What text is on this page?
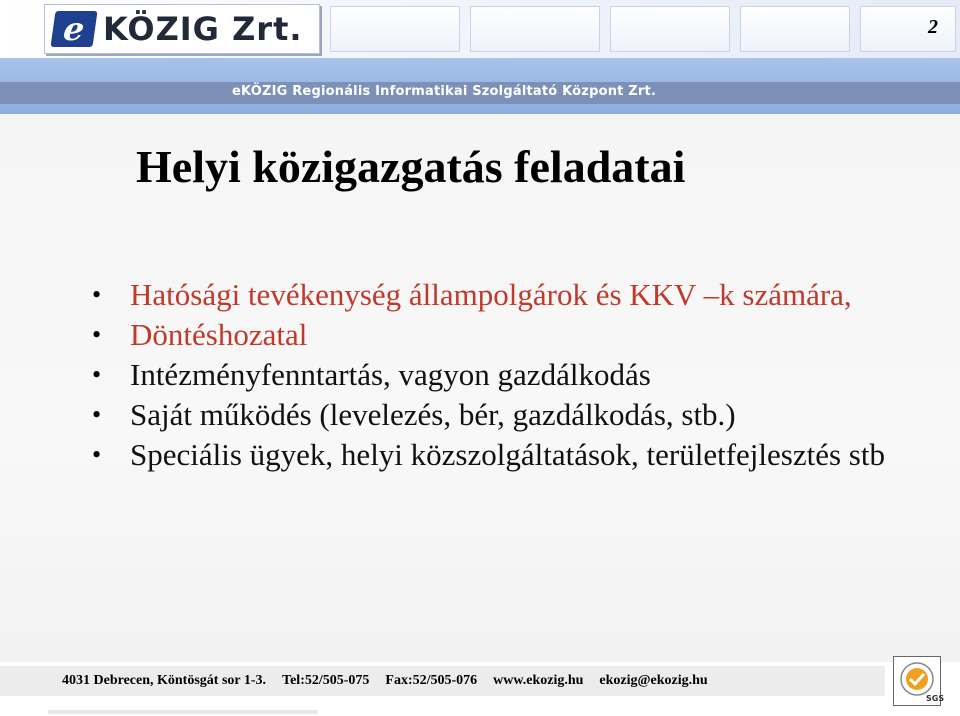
e KÖZIG Zrt.	2
eKÖZIG Regionális Informatikai Szolgáltató Központ Zrt.
Helyi közigazgatás feladatai
• Hatósági tevékenység állampolgárok és KKV –k számára,
• Döntéshozatal
• Intézményfenntartás, vagyon gazdálkodás
• Saját működés (levelezés, bér, gazdálkodás, stb.)
• Speciális ügyek, helyi közszolgáltatások, területfejlesztés stb
4031 Debrecen, Köntösgát sor 1-3. Tel:52/505-075 Fax:52/505-076 www.ekozig.hu ekozig@ekozig.hu
SGS
